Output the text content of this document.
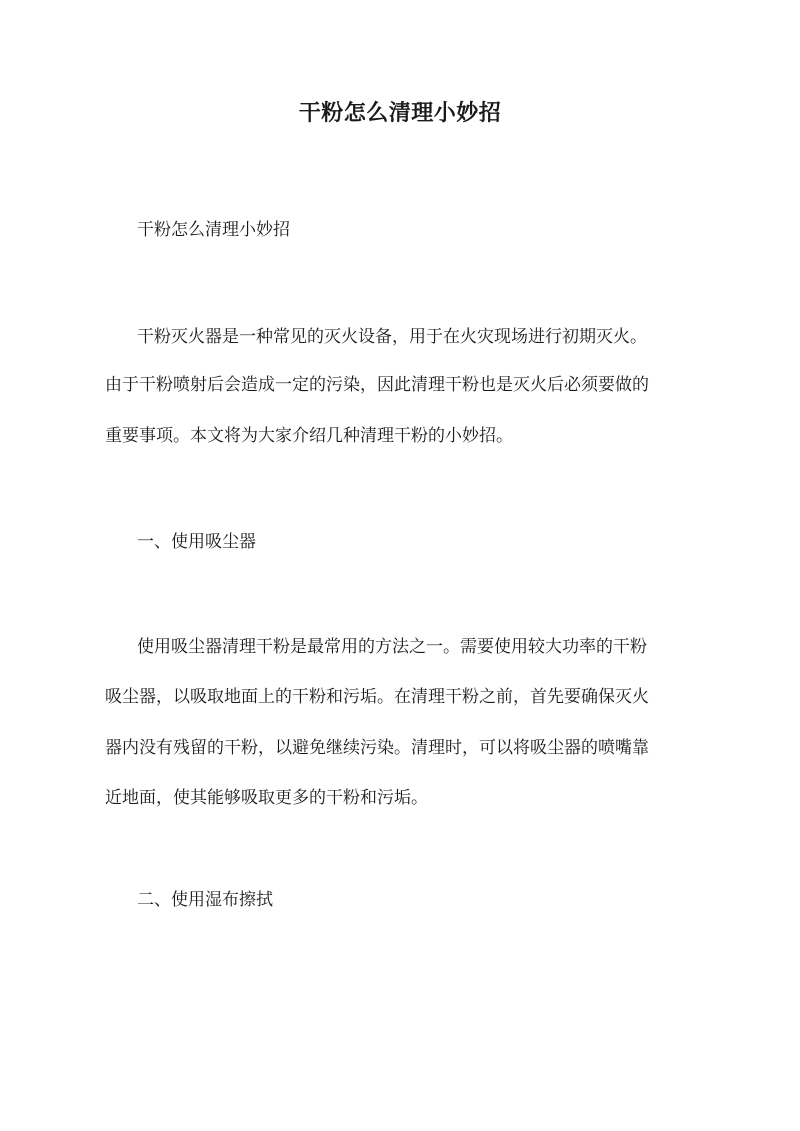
干粉怎么清理小妙招
干粉怎么清理小妙招
干粉灭火器是一种常见的灭火设备，用于在火灾现场进行初期灭火。
由于干粉喷射后会造成一定的污染，因此清理干粉也是灭火后必须要做的
重要事项。本文将为大家介绍几种清理干粉的小妙招。
一、使用吸尘器
使用吸尘器清理干粉是最常用的方法之一。需要使用较大功率的干粉
吸尘器，以吸取地面上的干粉和污垢。在清理干粉之前，首先要确保灭火
器内没有残留的干粉，以避免继续污染。清理时，可以将吸尘器的喷嘴靠
近地面，使其能够吸取更多的干粉和污垢。
二、使用湿布擦拭
